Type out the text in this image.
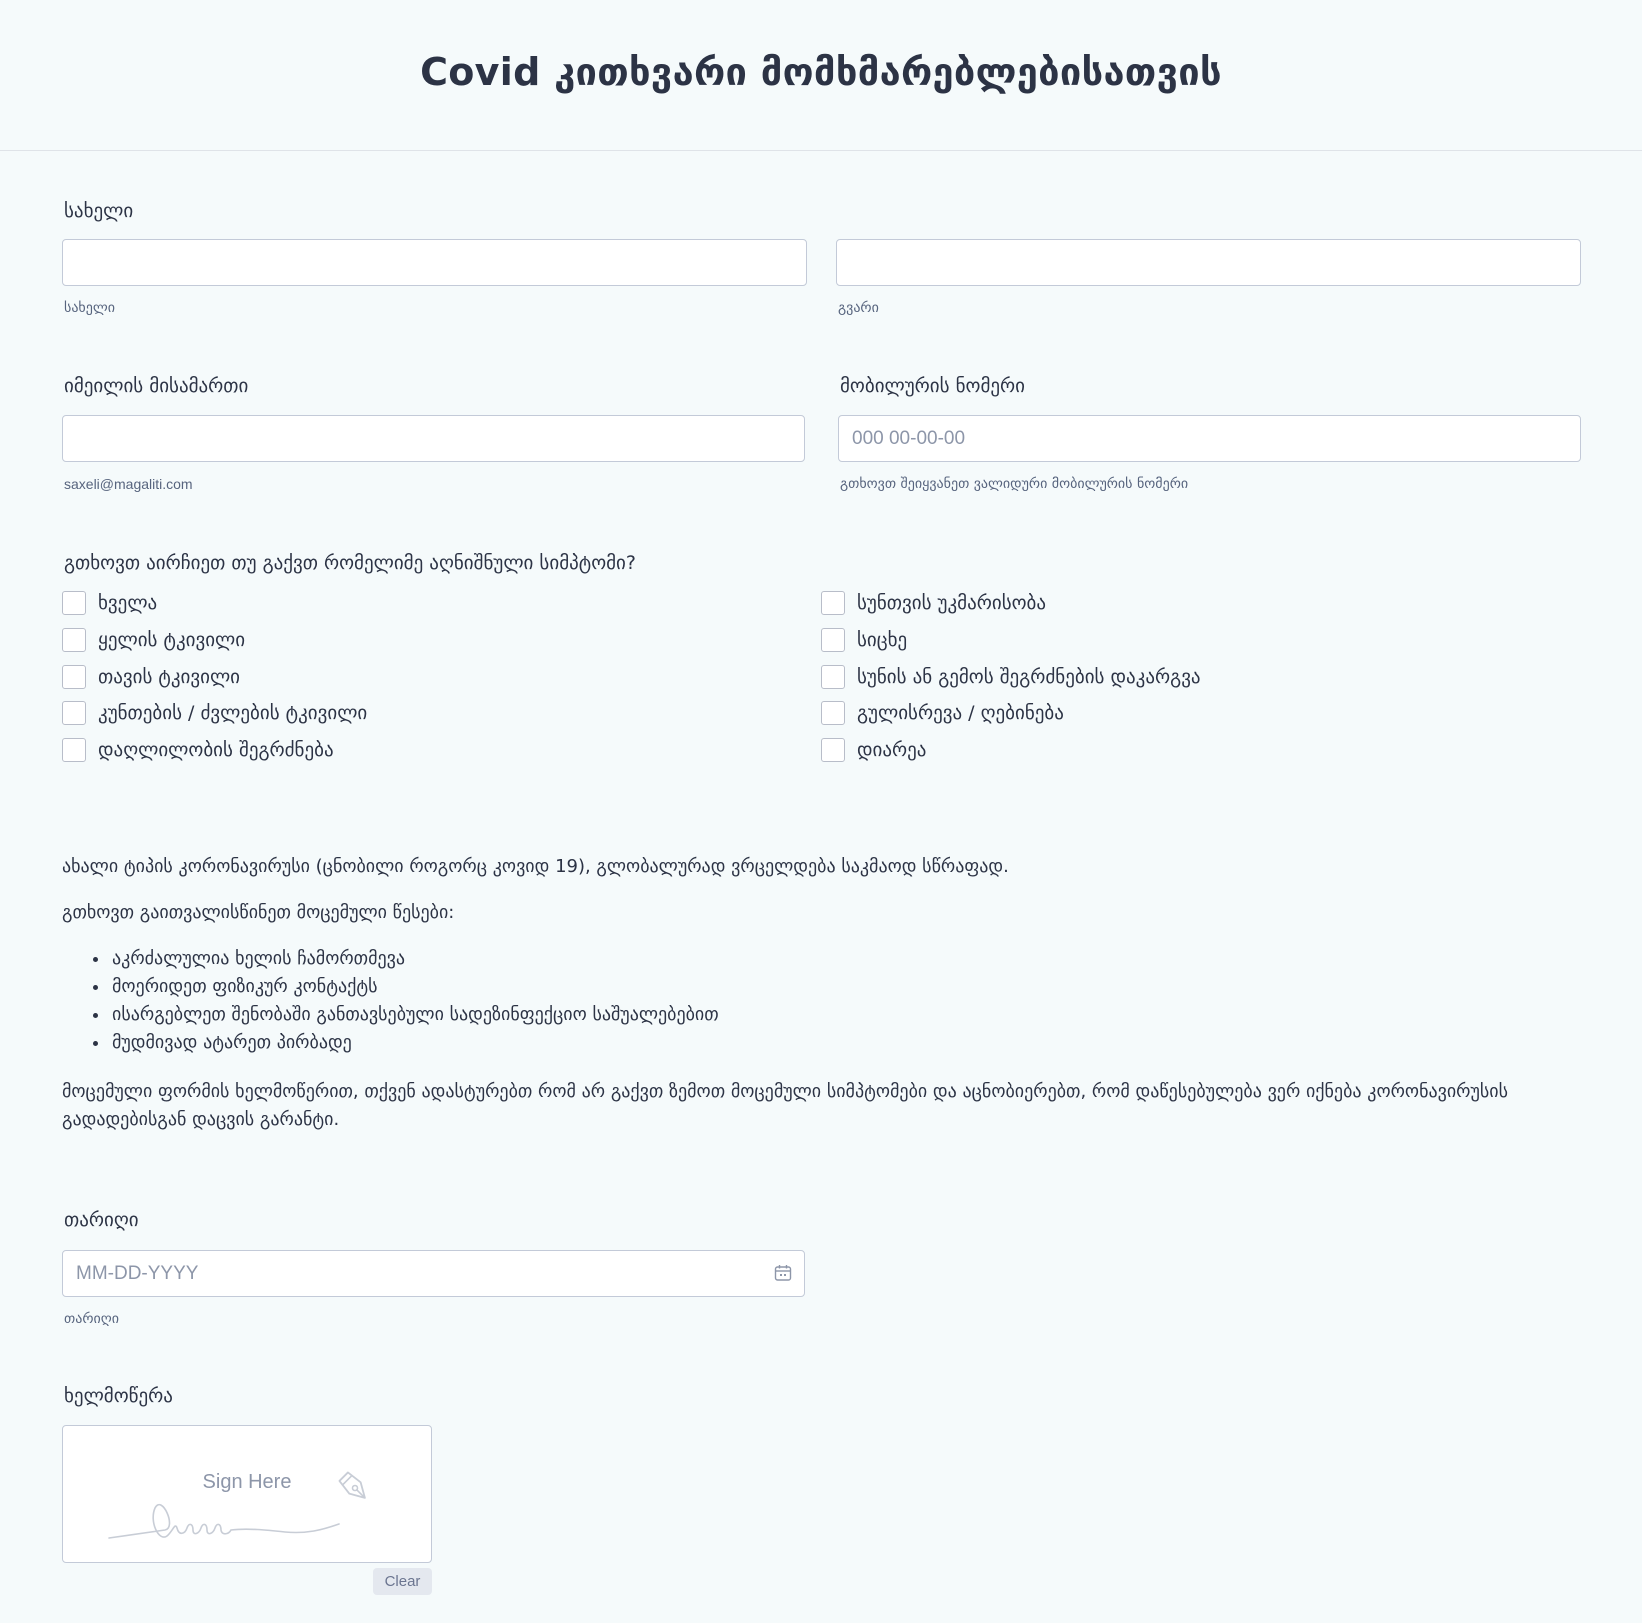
Covid კითხვარი მომხმარებლებისათვის
სახელი
სახელი	გვარი
იმეილის მისამართი
saxeli@magaliti.com
მობილურის ნომერი
000 00-00-00
გთხოვთ შეიყვანეთ ვალიდური მობილურის ნომერი
გთხოვთ აირჩიეთ თუ გაქვთ რომელიმე აღნიშნული სიმპტომი?
ხველა
ყელის ტკივილი
თავის ტკივილი
კუნთების / ძვლების ტკივილი
დაღლილობის შეგრძნება
სუნთვის უკმარისობა
სიცხე
სუნის ან გემოს შეგრძნების დაკარგვა
გულისრევა / ღებინება
დიარეა
ახალი ტიპის კორონავირუსი (ცნობილი როგორც კოვიდ 19), გლობალურად ვრცელდება საკმაოდ სწრაფად.
გთხოვთ გაითვალისწინეთ მოცემული წესები:
• აკრძალულია ხელის ჩამორთმევა
• მოერიდეთ ფიზიკურ კონტაქტს
• ისარგებლეთ შენობაში განთავსებული სადეზინფექციო საშუალებებით
• მუდმივად ატარეთ პირბადე
მოცემული ფორმის ხელმოწერით, თქვენ ადასტურებთ რომ არ გაქვთ ზემოთ მოცემული სიმპტომები და აცნობიერებთ, რომ დაწესებულება ვერ იქნება კორონავირუსის
გადადებისგან დაცვის გარანტი.
თარიღი
MM-DD-YYYY
თარიღი
ხელმოწერა
Sign Here
Clear
